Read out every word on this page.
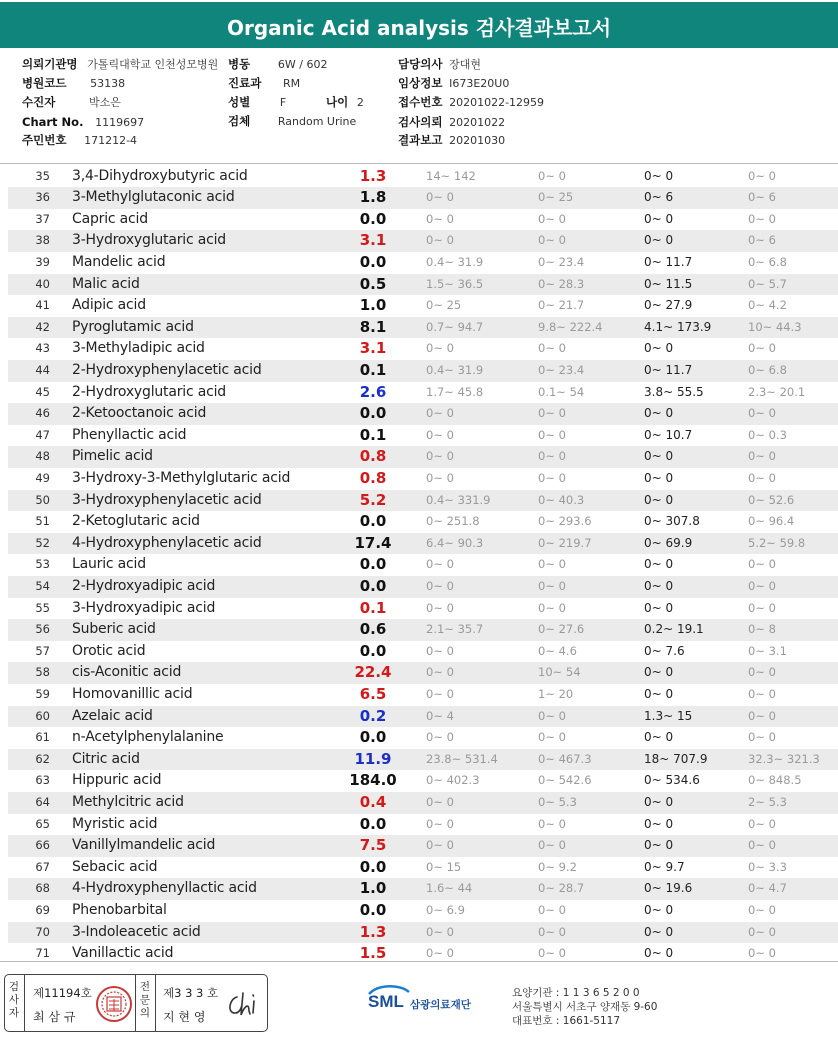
Organic Acid analysis 검사결과보고서
의뢰기관명 가톨릭대학교 인천성모병원 병동	6W / 602	담당의사 장대현
병원코드 53138	진료과 RM	임상정보 I673E20U0
수진자	박소은	성별	F	나이 2	접수번호 20201022-12959
Chart No. 1119697	검체	Random Urine	검사의뢰 20201022
주민번호 171212-4	결과보고 20201030
35 3,4-Dihydroxybutyric acid	1.3	14~ 142	0~ 0	0~ 0	0~ 0
36 3-Methylglutaconic acid	1.8	0~ 0	0~ 25	0~ 6	0~ 6
37 Capric acid	0.0	0~ 0	0~ 0	0~ 0	0~ 0
38 3-Hydroxyglutaric acid	3.1	0~ 0	0~ 0	0~ 0	0~ 6
39 Mandelic acid	0.0	0.4~ 31.9	0~ 23.4	0~ 11.7	0~ 6.8
40 Malic acid	0.5	1.5~ 36.5	0~ 28.3	0~ 11.5	0~ 5.7
41 Adipic acid	1.0	0~ 25	0~ 21.7	0~ 27.9	0~ 4.2
42 Pyroglutamic acid	8.1	0.7~ 94.7	9.8~ 222.4	4.1~ 173.9	10~ 44.3
43 3-Methyladipic acid	3.1	0~ 0	0~ 0	0~ 0	0~ 0
44 2-Hydroxyphenylacetic acid	0.1	0.4~ 31.9	0~ 23.4	0~ 11.7	0~ 6.8
45 2-Hydroxyglutaric acid	2.6	1.7~ 45.8	0.1~ 54	3.8~ 55.5	2.3~ 20.1
46 2-Ketooctanoic acid	0.0	0~ 0	0~ 0	0~ 0	0~ 0
47 Phenyllactic acid	0.1	0~ 0	0~ 0	0~ 10.7	0~ 0.3
48 Pimelic acid	0.8	0~ 0	0~ 0	0~ 0	0~ 0
49 3-Hydroxy-3-Methylglutaric acid	0.8	0~ 0	0~ 0	0~ 0	0~ 0
50 3-Hydroxyphenylacetic acid	5.2	0.4~ 331.9	0~ 40.3	0~ 0	0~ 52.6
51 2-Ketoglutaric acid	0.0	0~ 251.8	0~ 293.6	0~ 307.8	0~ 96.4
52 4-Hydroxyphenylacetic acid	17.4	6.4~ 90.3	0~ 219.7	0~ 69.9	5.2~ 59.8
53 Lauric acid	0.0	0~ 0	0~ 0	0~ 0	0~ 0
54 2-Hydroxyadipic acid	0.0	0~ 0	0~ 0	0~ 0	0~ 0
55 3-Hydroxyadipic acid	0.1	0~ 0	0~ 0	0~ 0	0~ 0
56 Suberic acid	0.6	2.1~ 35.7	0~ 27.6	0.2~ 19.1	0~ 8
57 Orotic acid	0.0	0~ 0	0~ 4.6	0~ 7.6	0~ 3.1
58 cis-Aconitic acid	22.4	0~ 0	10~ 54	0~ 0	0~ 0
59 Homovanillic acid	6.5	0~ 0	1~ 20	0~ 0	0~ 0
60 Azelaic acid	0.2	0~ 4	0~ 0	1.3~ 15	0~ 0
61 n-Acetylphenylalanine	0.0	0~ 0	0~ 0	0~ 0	0~ 0
62 Citric acid	11.9	23.8~ 531.4	0~ 467.3	18~ 707.9	32.3~ 321.3
63 Hippuric acid	184.0	0~ 402.3	0~ 542.6	0~ 534.6	0~ 848.5
64 Methylcitric acid	0.4	0~ 0	0~ 5.3	0~ 0	2~ 5.3
65 Myristic acid	0.0	0~ 0	0~ 0	0~ 0	0~ 0
66 Vanillylmandelic acid	7.5	0~ 0	0~ 0	0~ 0	0~ 0
67 Sebacic acid	0.0	0~ 15	0~ 9.2	0~ 9.7	0~ 3.3
68 4-Hydroxyphenyllactic acid	1.0	1.6~ 44	0~ 28.7	0~ 19.6	0~ 4.7
69 Phenobarbital	0.0	0~ 6.9	0~ 0	0~ 0	0~ 0
70 3-Indoleacetic acid	1.3	0~ 0	0~ 0	0~ 0	0~ 0
71 Vanillactic acid	1.5	0~ 0	0~ 0	0~ 0	0~ 0
검사자
제11194호
최 삼 규
전문의
제3 3 3 호
지 현 영
SML 삼광의료재단
요양기관 : 1 1 3 6 5 2 0 0
서울특별시 서초구 양재동 9-60
대표번호 : 1661-5117
